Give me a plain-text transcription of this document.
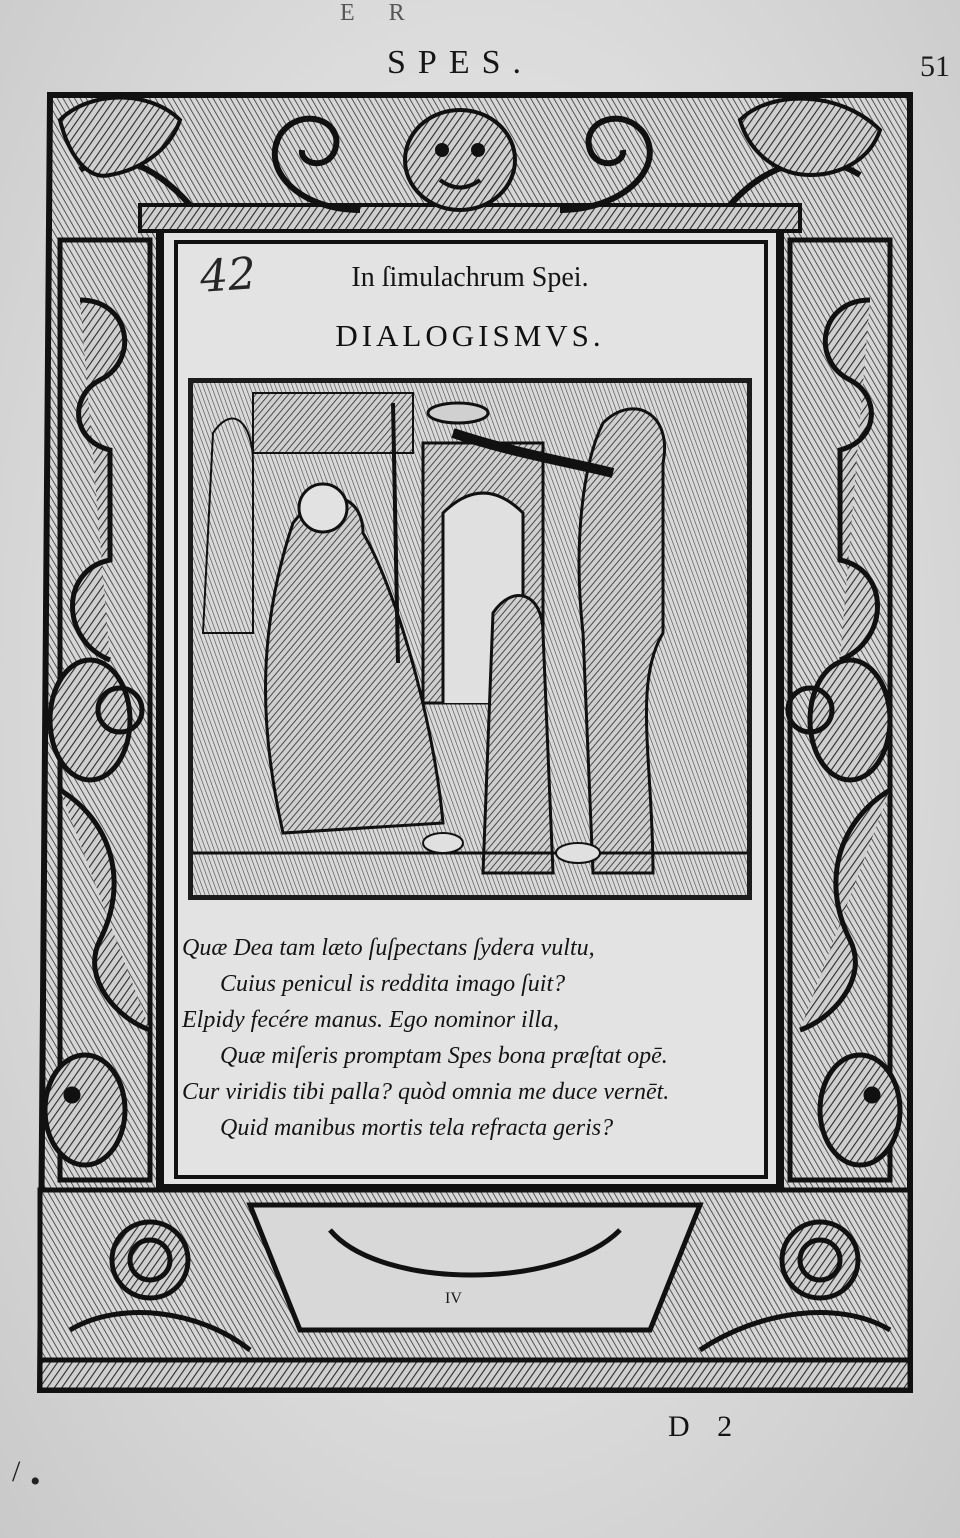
E R
SPES.	51
42	In ſimulachrum Spei.
DIALOGISMVS.
Quæ Dea tam læto ſuſpectans ſydera vultu,
Cuius penicul is reddita imago ſuit?
Elpidy fecére manus. Ego nominor illa,
Quæ miſeris promptam Spes bona præſtat opē.
Cur viridis tibi palla? quòd omnia me duce vernēt.
Quid manibus mortis tela refracta geris?
IV
D 2
/ •
